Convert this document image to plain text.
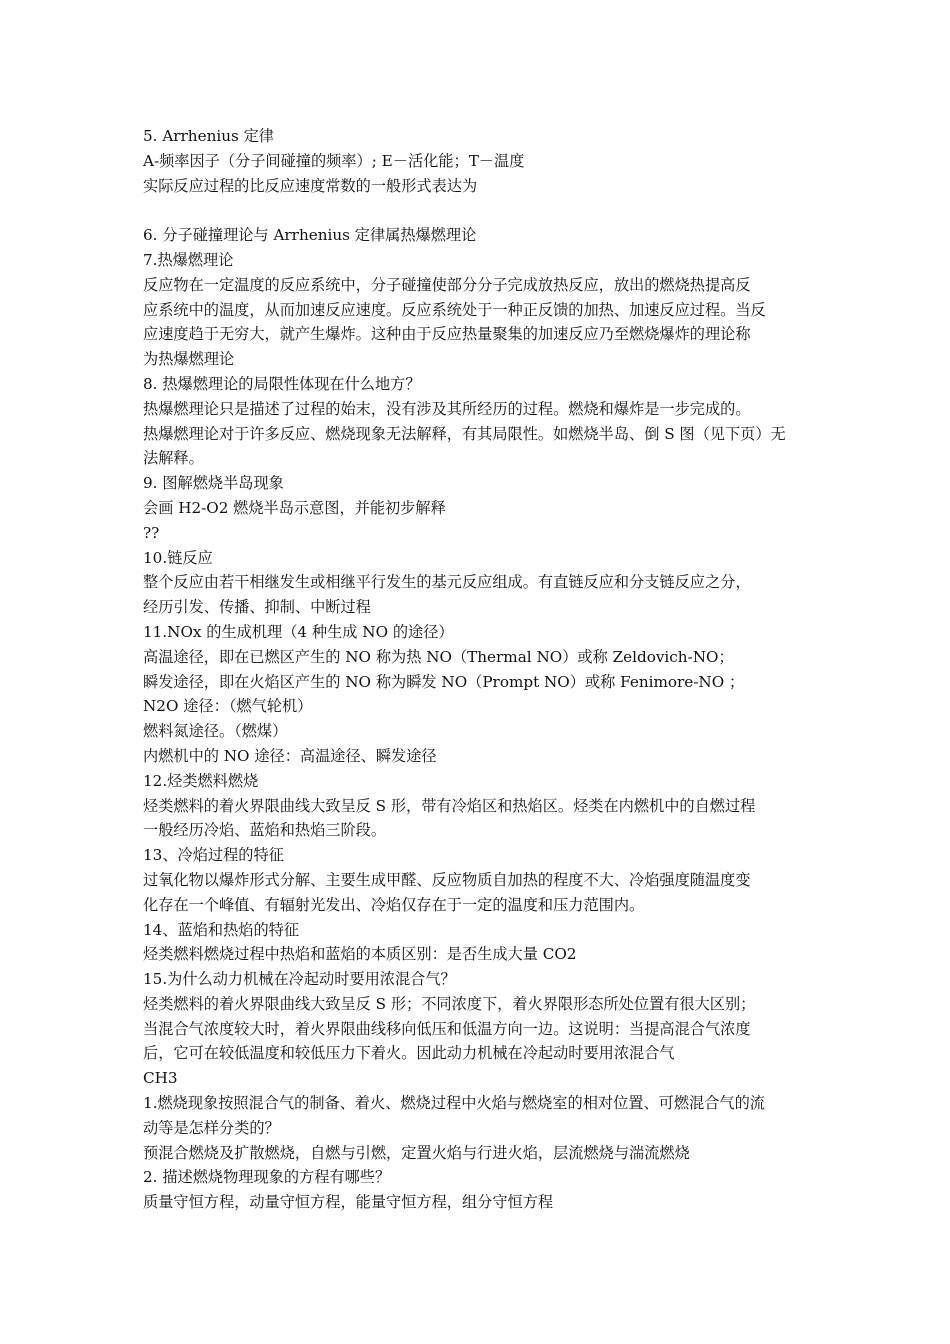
5. Arrhenius 定律
A-频率因子（分子间碰撞的频率）; E－活化能；T－温度
实际反应过程的比反应速度常数的一般形式表达为
6. 分子碰撞理论与 Arrhenius 定律属热爆燃理论
7.热爆燃理论
反应物在一定温度的反应系统中，分子碰撞使部分分子完成放热反应，放出的燃烧热提高反
应系统中的温度，从而加速反应速度。反应系统处于一种正反馈的加热、加速反应过程。当反
应速度趋于无穷大，就产生爆炸。这种由于反应热量聚集的加速反应乃至燃烧爆炸的理论称
为热爆燃理论
8. 热爆燃理论的局限性体现在什么地方？
热爆燃理论只是描述了过程的始末，没有涉及其所经历的过程。燃烧和爆炸是一步完成的。
热爆燃理论对于许多反应、燃烧现象无法解释，有其局限性。如燃烧半岛、倒 S 图（见下页）无
法解释。
9. 图解燃烧半岛现象
会画 H2-O2 燃烧半岛示意图，并能初步解释
??
10.链反应
整个反应由若干相继发生或相继平行发生的基元反应组成。有直链反应和分支链反应之分，
经历引发、传播、抑制、中断过程
11.NOx 的生成机理（4 种生成 NO 的途径）
高温途径，即在已燃区产生的 NO 称为热 NO（Thermal NO）或称 Zeldovich-NO；
瞬发途径，即在火焰区产生的 NO 称为瞬发 NO（Prompt NO）或称 Fenimore-NO ；
N2O 途径：（燃气轮机）
燃料氮途径。（燃煤）
内燃机中的 NO 途径：高温途径、瞬发途径
12.烃类燃料燃烧
烃类燃料的着火界限曲线大致呈反 S 形，带有冷焰区和热焰区。烃类在内燃机中的自燃过程
一般经历冷焰、蓝焰和热焰三阶段。
13、冷焰过程的特征
过氧化物以爆炸形式分解、主要生成甲醛、反应物质自加热的程度不大、冷焰强度随温度变
化存在一个峰值、有辐射光发出、冷焰仅存在于一定的温度和压力范围内。
14、蓝焰和热焰的特征
烃类燃料燃烧过程中热焰和蓝焰的本质区别：是否生成大量 CO2
15.为什么动力机械在冷起动时要用浓混合气？
烃类燃料的着火界限曲线大致呈反 S 形；不同浓度下，着火界限形态所处位置有很大区别；
当混合气浓度较大时，着火界限曲线移向低压和低温方向一边。这说明：当提高混合气浓度
后，它可在较低温度和较低压力下着火。因此动力机械在冷起动时要用浓混合气
CH3
1.燃烧现象按照混合气的制备、着火、燃烧过程中火焰与燃烧室的相对位置、可燃混合气的流
动等是怎样分类的？
预混合燃烧及扩散燃烧，自燃与引燃，定置火焰与行进火焰，层流燃烧与湍流燃烧
2. 描述燃烧物理现象的方程有哪些？
质量守恒方程，动量守恒方程，能量守恒方程，组分守恒方程
